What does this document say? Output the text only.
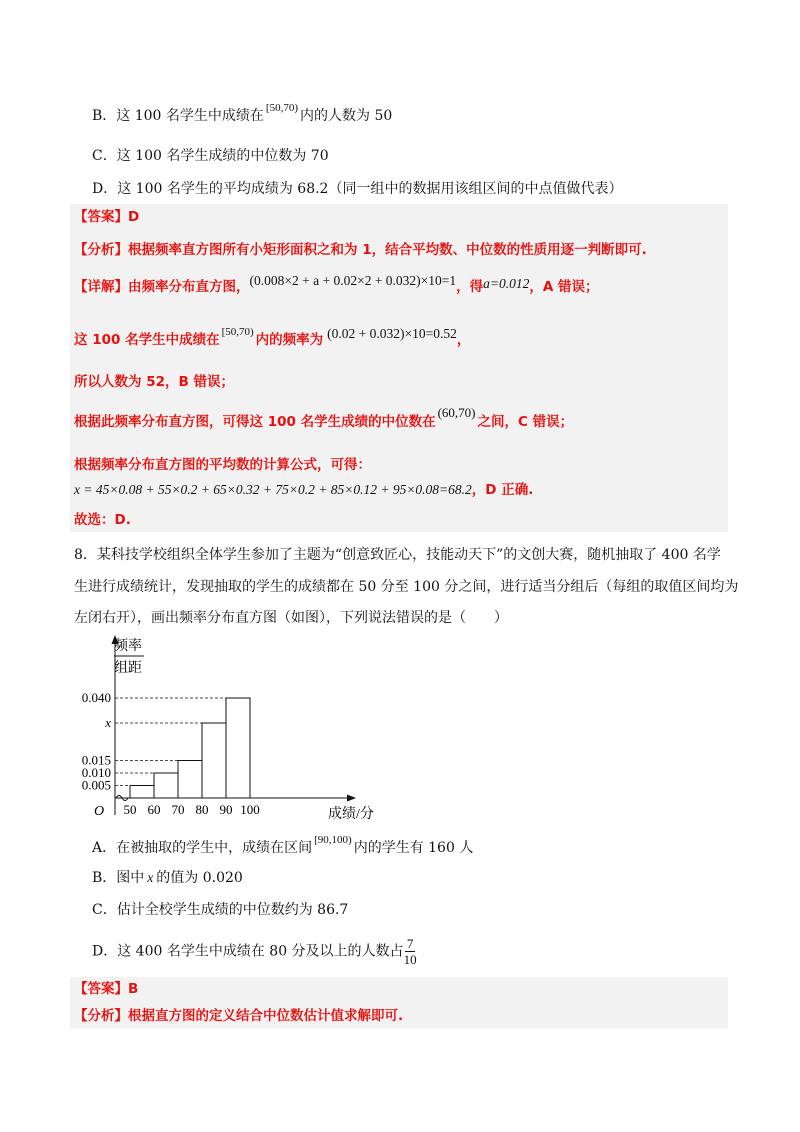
B．这 100 名学生中成绩在 $^{[50,70)}$ 内的人数为 50
C．这 100 名学生成绩的中位数为 70
D．这 100 名学生的平均成绩为 68.2（同一组中的数据用该组区间的中点值做代表）
【答案】D
【分析】根据频率直方图所有小矩形面积之和为 1，结合平均数、中位数的性质用逐一判断即可.
【详解】由频率分布直方图，(0.008×2 + a + 0.02×2 + 0.032)×10=1，得a=0.012，A 错误；
这 100 名学生中成绩在 $^{[50,70)}$ 内的频率为 (0.02 + 0.032)×10=0.52，
所以人数为 52，B 错误；
根据此频率分布直方图，可得这 100 名学生成绩的中位数在(60,70)之间，C 错误；
根据频率分布直方图的平均数的计算公式，可得：
x = 45×0.08 + 55×0.2 + 65×0.32 + 75×0.2 + 85×0.12 + 95×0.08=68.2，D 正确.
故选：D.
8．某科技学校组织全体学生参加了主题为“创意致匠心，技能动天下”的文创大赛，随机抽取了 400 名学
生进行成绩统计，发现抽取的学生的成绩都在 50 分至 100 分之间，进行适当分组后（每组的取值区间均为
左闭右开），画出频率分布直方图（如图），下列说法错误的是（　　）
频率
组距
0.040
x
0.015
0.010
0.005
50 60 70 80 90 100
O	成绩/分
A．在被抽取的学生中，成绩在区间 $^{[90,100)}$ 内的学生有 160 人
B．图中 x 的值为 0.020
C．估计全校学生成绩的中位数约为 86.7
D．这 400 名学生中成绩在 80 分及以上的人数占 $\frac{7}{10}$
【答案】B
【分析】根据直方图的定义结合中位数估计值求解即可.
